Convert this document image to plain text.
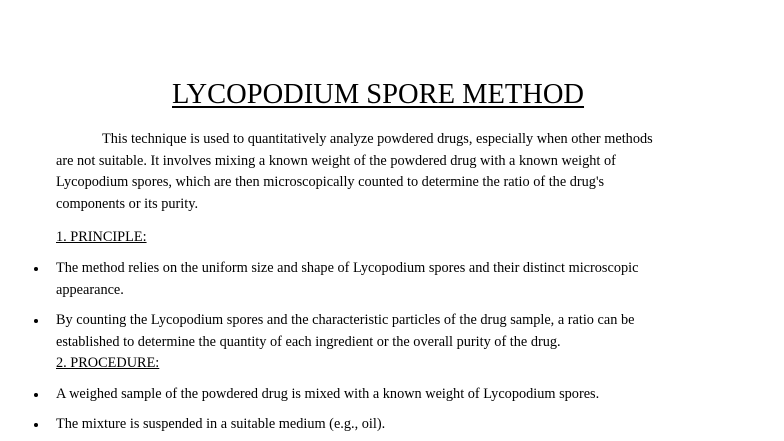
LYCOPODIUM SPORE METHOD

This technique is used to quantitatively analyze powdered drugs, especially when other methods
are not suitable. It involves mixing a known weight of the powdered drug with a known weight of
Lycopodium spores, which are then microscopically counted to determine the ratio of the drug's
components or its purity.

1. PRINCIPLE:

The method relies on the uniform size and shape of Lycopodium spores and their distinct microscopic
appearance.

By counting the Lycopodium spores and the characteristic particles of the drug sample, a ratio can be
established to determine the quantity of each ingredient or the overall purity of the drug.

2. PROCEDURE:

A weighed sample of the powdered drug is mixed with a known weight of Lycopodium spores.

The mixture is suspended in a suitable medium (e.g., oil).
